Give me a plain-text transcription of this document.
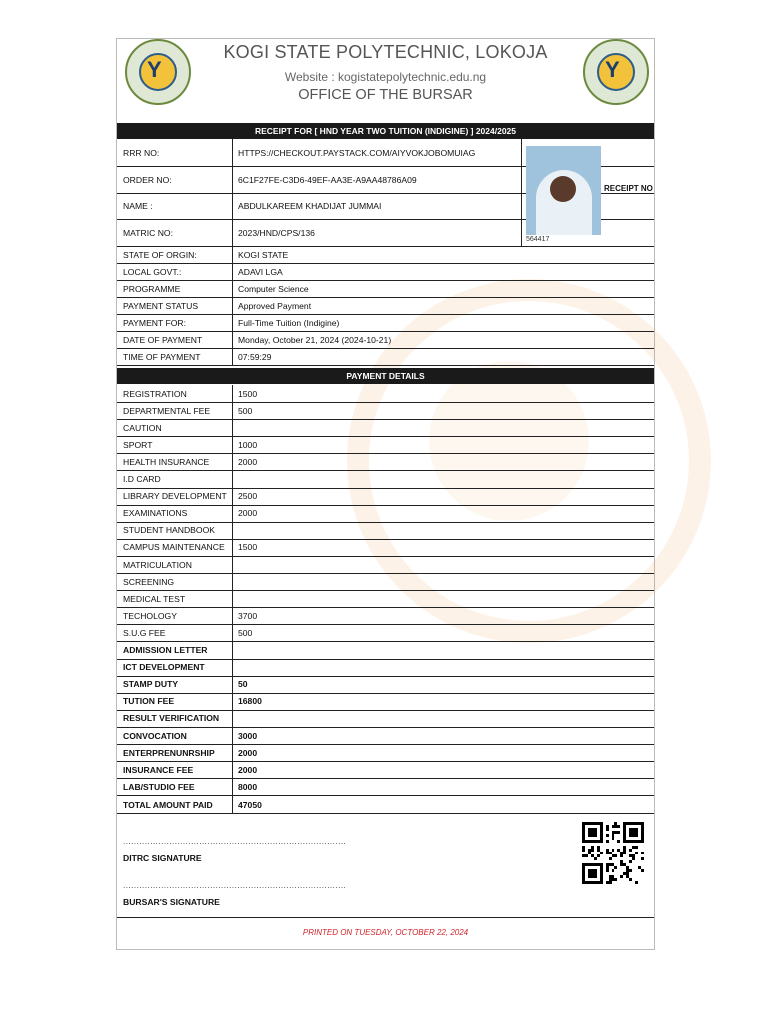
Y	Y
KOGI STATE POLYTECHNIC, LOKOJA
Website : kogistatepolytechnic.edu.ng
OFFICE OF THE BURSAR
RECEIPT FOR [ HND YEAR TWO TUITION (INDIGINE) ] 2024/2025
RRR NO:	HTTPS://CHECKOUT.PAYSTACK.COM/AIYVOKJOBOMUIAG
ORDER NO:	6C1F27FE-C3D6-49EF-AA3E-A9AA48786A09
NAME :	ABDULKAREEM KHADIJAT JUMMAI
MATRIC NO:	2023/HND/CPS/136
STATE OF ORGIN:	KOGI STATE
LOCAL GOVT.:	ADAVI LGA
PROGRAMME	Computer Science
PAYMENT STATUS	Approved Payment
PAYMENT FOR:	Full-Time Tuition (Indigine)
DATE OF PAYMENT	Monday, October 21, 2024 (2024-10-21)
TIME OF PAYMENT	07:59:29
RECEIPT NO
564417
PAYMENT DETAILS
REGISTRATION	1500
DEPARTMENTAL FEE	500
CAUTION
SPORT	1000
HEALTH INSURANCE	2000
I.D CARD
LIBRARY DEVELOPMENT 2500
EXAMINATIONS	2000
STUDENT HANDBOOK
CAMPUS MAINTENANCE 1500
MATRICULATION
SCREENING
MEDICAL TEST
TECHOLOGY	3700
S.U.G FEE	500
ADMISSION LETTER
ICT DEVELOPMENT
STAMP DUTY	50
TUTION FEE	16800
RESULT VERIFICATION
CONVOCATION	3000
ENTERPRENUNRSHIP	2000
INSURANCE FEE	2000
LAB/STUDIO FEE	8000
TOTAL AMOUNT PAID	47050
..................................................................................
DITRC SIGNATURE
..................................................................................
BURSAR'S SIGNATURE
PRINTED ON TUESDAY, OCTOBER 22, 2024
